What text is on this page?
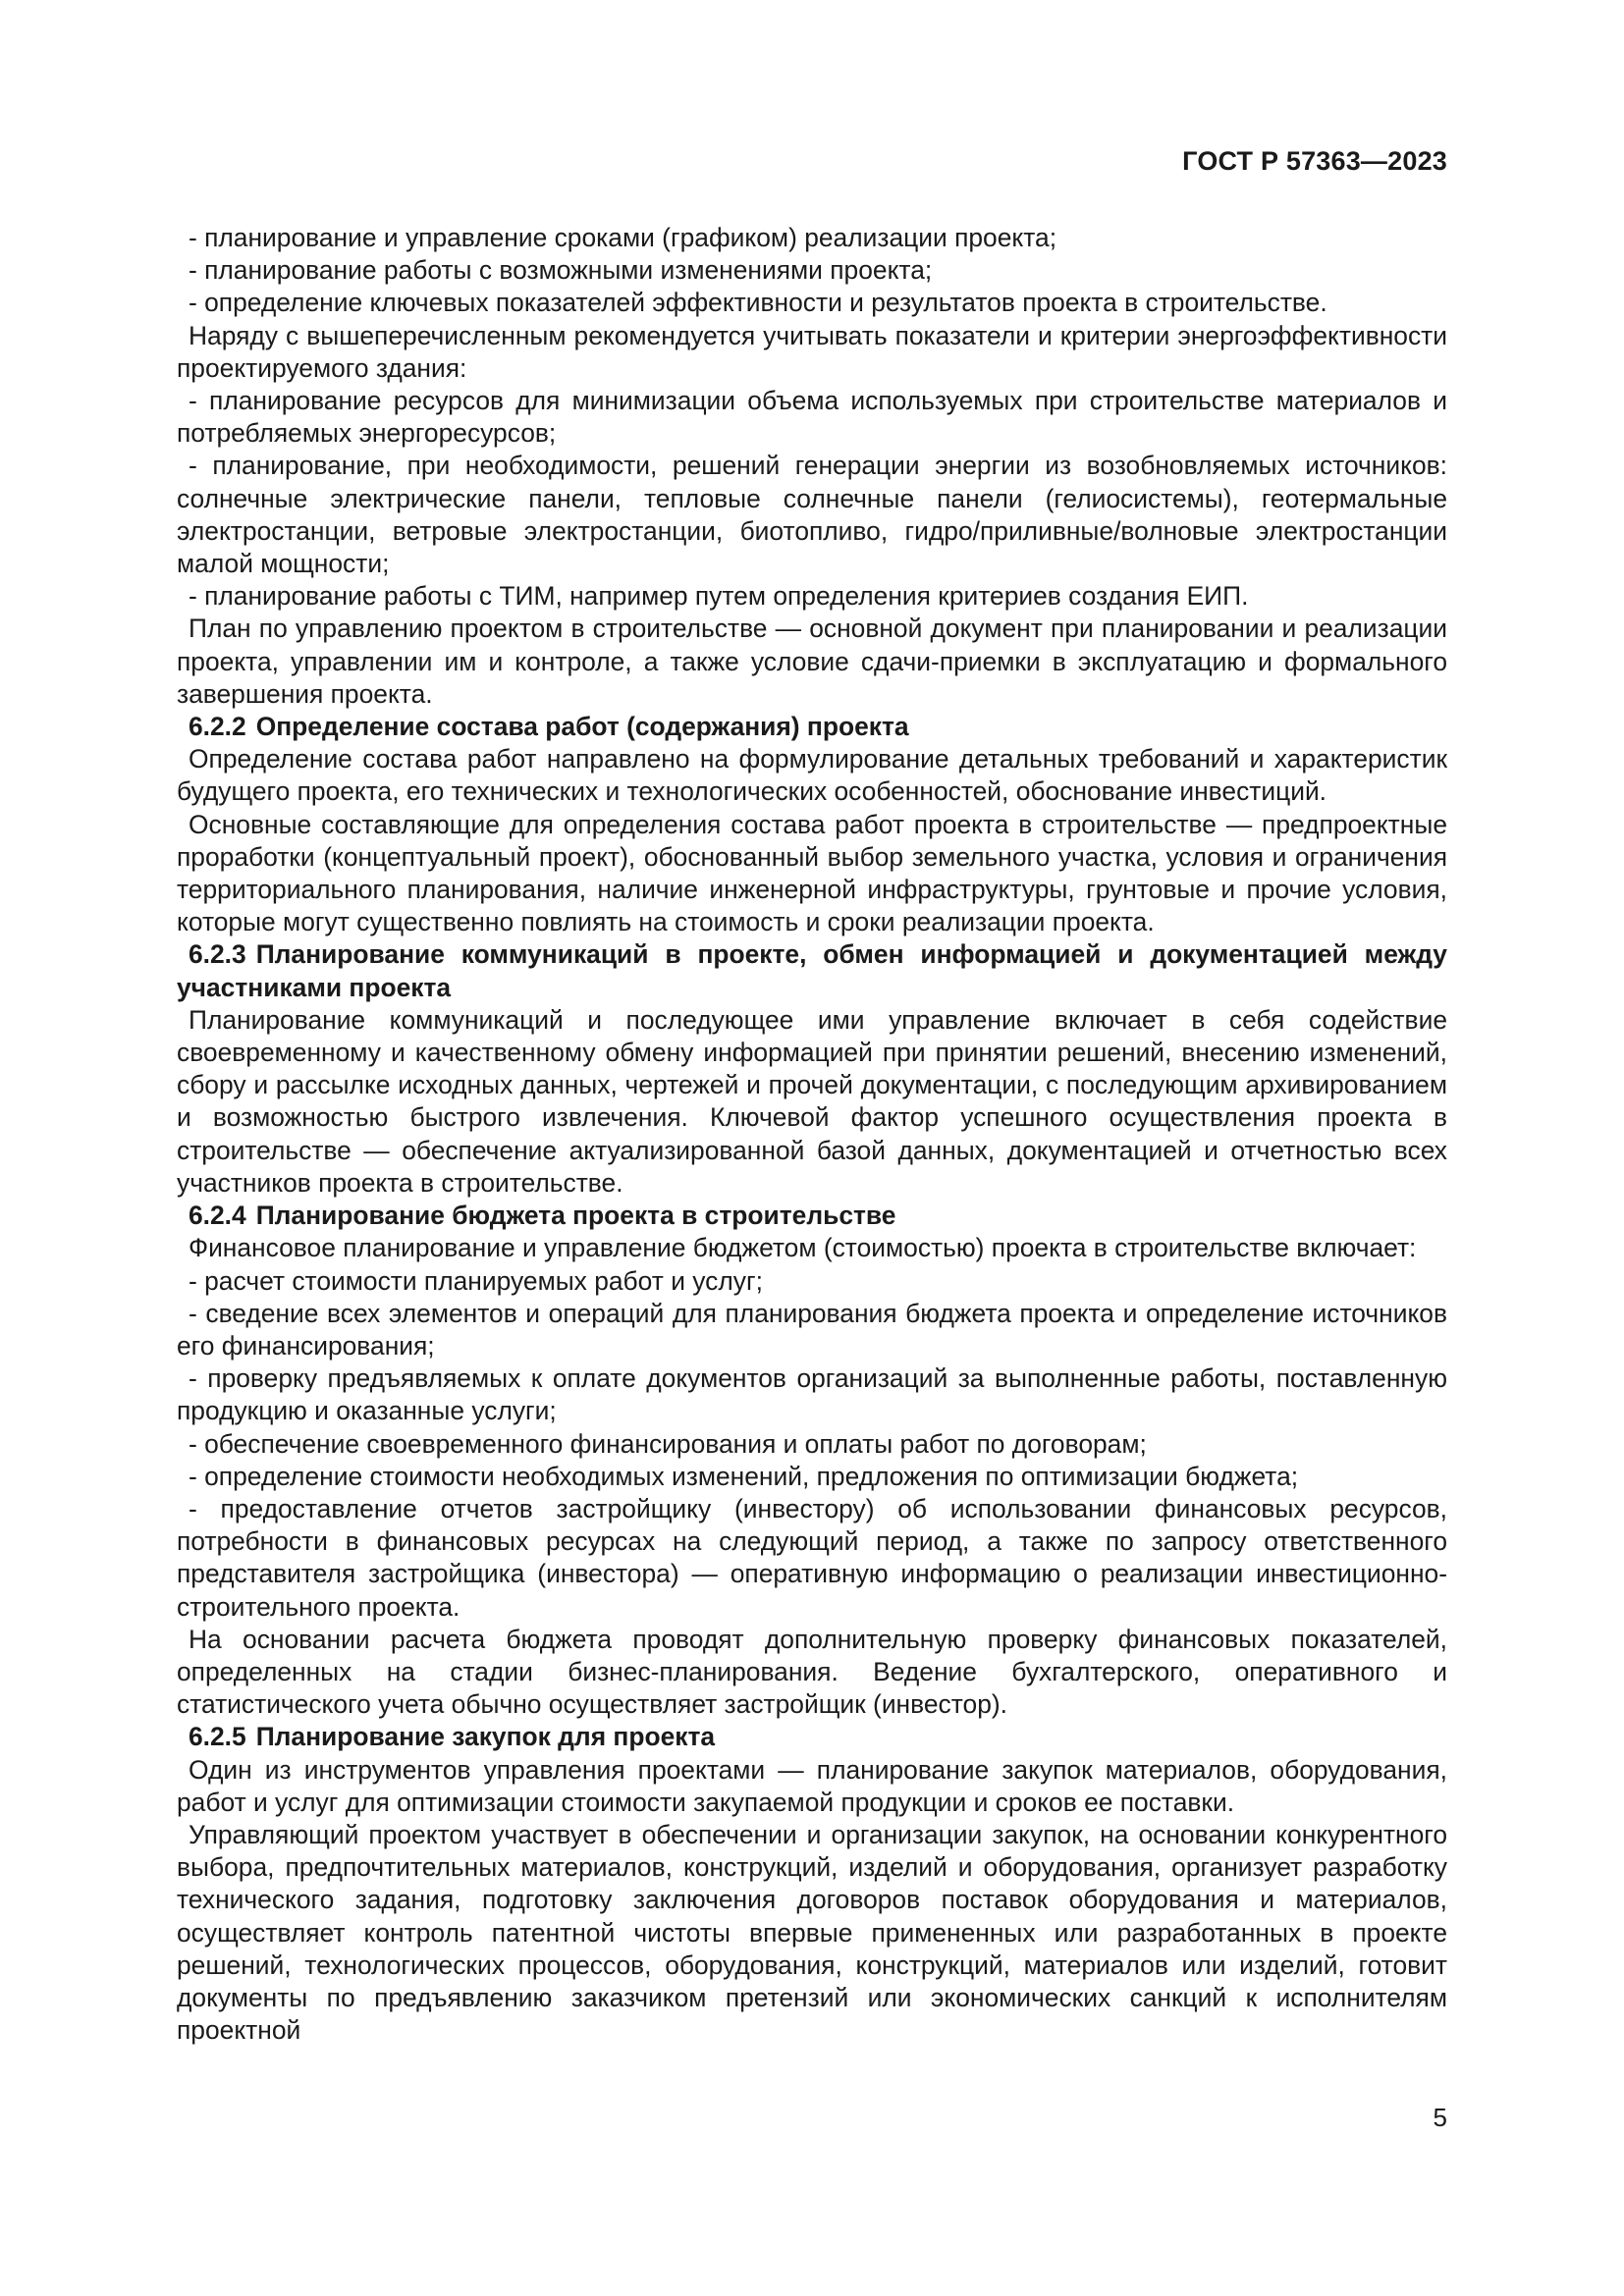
ГОСТ Р 57363—2023

- планирование и управление сроками (графиком) реализации проекта;

- планирование работы с возможными изменениями проекта;

- определение ключевых показателей эффективности и результатов проекта в строительстве.

Наряду с вышеперечисленным рекомендуется учитывать показатели и критерии энергоэффективности проектируемого здания:

- планирование ресурсов для минимизации объема используемых при строительстве материалов и потребляемых энергоресурсов;

- планирование, при необходимости, решений генерации энергии из возобновляемых источников: солнечные электрические панели, тепловые солнечные панели (гелиосистемы), геотермальные электростанции, ветровые электростанции, биотопливо, гидро/приливные/волновые электростанции малой мощности;

- планирование работы с ТИМ, например путем определения критериев создания ЕИП.

План по управлению проектом в строительстве — основной документ при планировании и реализации проекта, управлении им и контроле, а также условие сдачи-приемки в эксплуатацию и формального завершения проекта.

6.2.2 Определение состава работ (содержания) проекта

Определение состава работ направлено на формулирование детальных требований и характеристик будущего проекта, его технических и технологических особенностей, обоснование инвестиций.

Основные составляющие для определения состава работ проекта в строительстве — предпроектные проработки (концептуальный проект), обоснованный выбор земельного участка, условия и ограничения территориального планирования, наличие инженерной инфраструктуры, грунтовые и прочие условия, которые могут существенно повлиять на стоимость и сроки реализации проекта.

6.2.3 Планирование коммуникаций в проекте, обмен информацией и документацией между участниками проекта

Планирование коммуникаций и последующее ими управление включает в себя содействие своевременному и качественному обмену информацией при принятии решений, внесению изменений, сбору и рассылке исходных данных, чертежей и прочей документации, с последующим архивированием и возможностью быстрого извлечения. Ключевой фактор успешного осуществления проекта в строительстве — обеспечение актуализированной базой данных, документацией и отчетностью всех участников проекта в строительстве.

6.2.4 Планирование бюджета проекта в строительстве

Финансовое планирование и управление бюджетом (стоимостью) проекта в строительстве включает:

- расчет стоимости планируемых работ и услуг;

- сведение всех элементов и операций для планирования бюджета проекта и определение источников его финансирования;

- проверку предъявляемых к оплате документов организаций за выполненные работы, поставленную продукцию и оказанные услуги;

- обеспечение своевременного финансирования и оплаты работ по договорам;

- определение стоимости необходимых изменений, предложения по оптимизации бюджета;

- предоставление отчетов застройщику (инвестору) об использовании финансовых ресурсов, потребности в финансовых ресурсах на следующий период, а также по запросу ответственного представителя застройщика (инвестора) — оперативную информацию о реализации инвестиционно-строительного проекта.

На основании расчета бюджета проводят дополнительную проверку финансовых показателей, определенных на стадии бизнес-планирования. Ведение бухгалтерского, оперативного и статистического учета обычно осуществляет застройщик (инвестор).

6.2.5 Планирование закупок для проекта

Один из инструментов управления проектами — планирование закупок материалов, оборудования, работ и услуг для оптимизации стоимости закупаемой продукции и сроков ее поставки.

Управляющий проектом участвует в обеспечении и организации закупок, на основании конкурентного выбора, предпочтительных материалов, конструкций, изделий и оборудования, организует разработку технического задания, подготовку заключения договоров поставок оборудования и материалов, осуществляет контроль патентной чистоты впервые примененных или разработанных в проекте решений, технологических процессов, оборудования, конструкций, материалов или изделий, готовит документы по предъявлению заказчиком претензий или экономических санкций к исполнителям проектной

5
